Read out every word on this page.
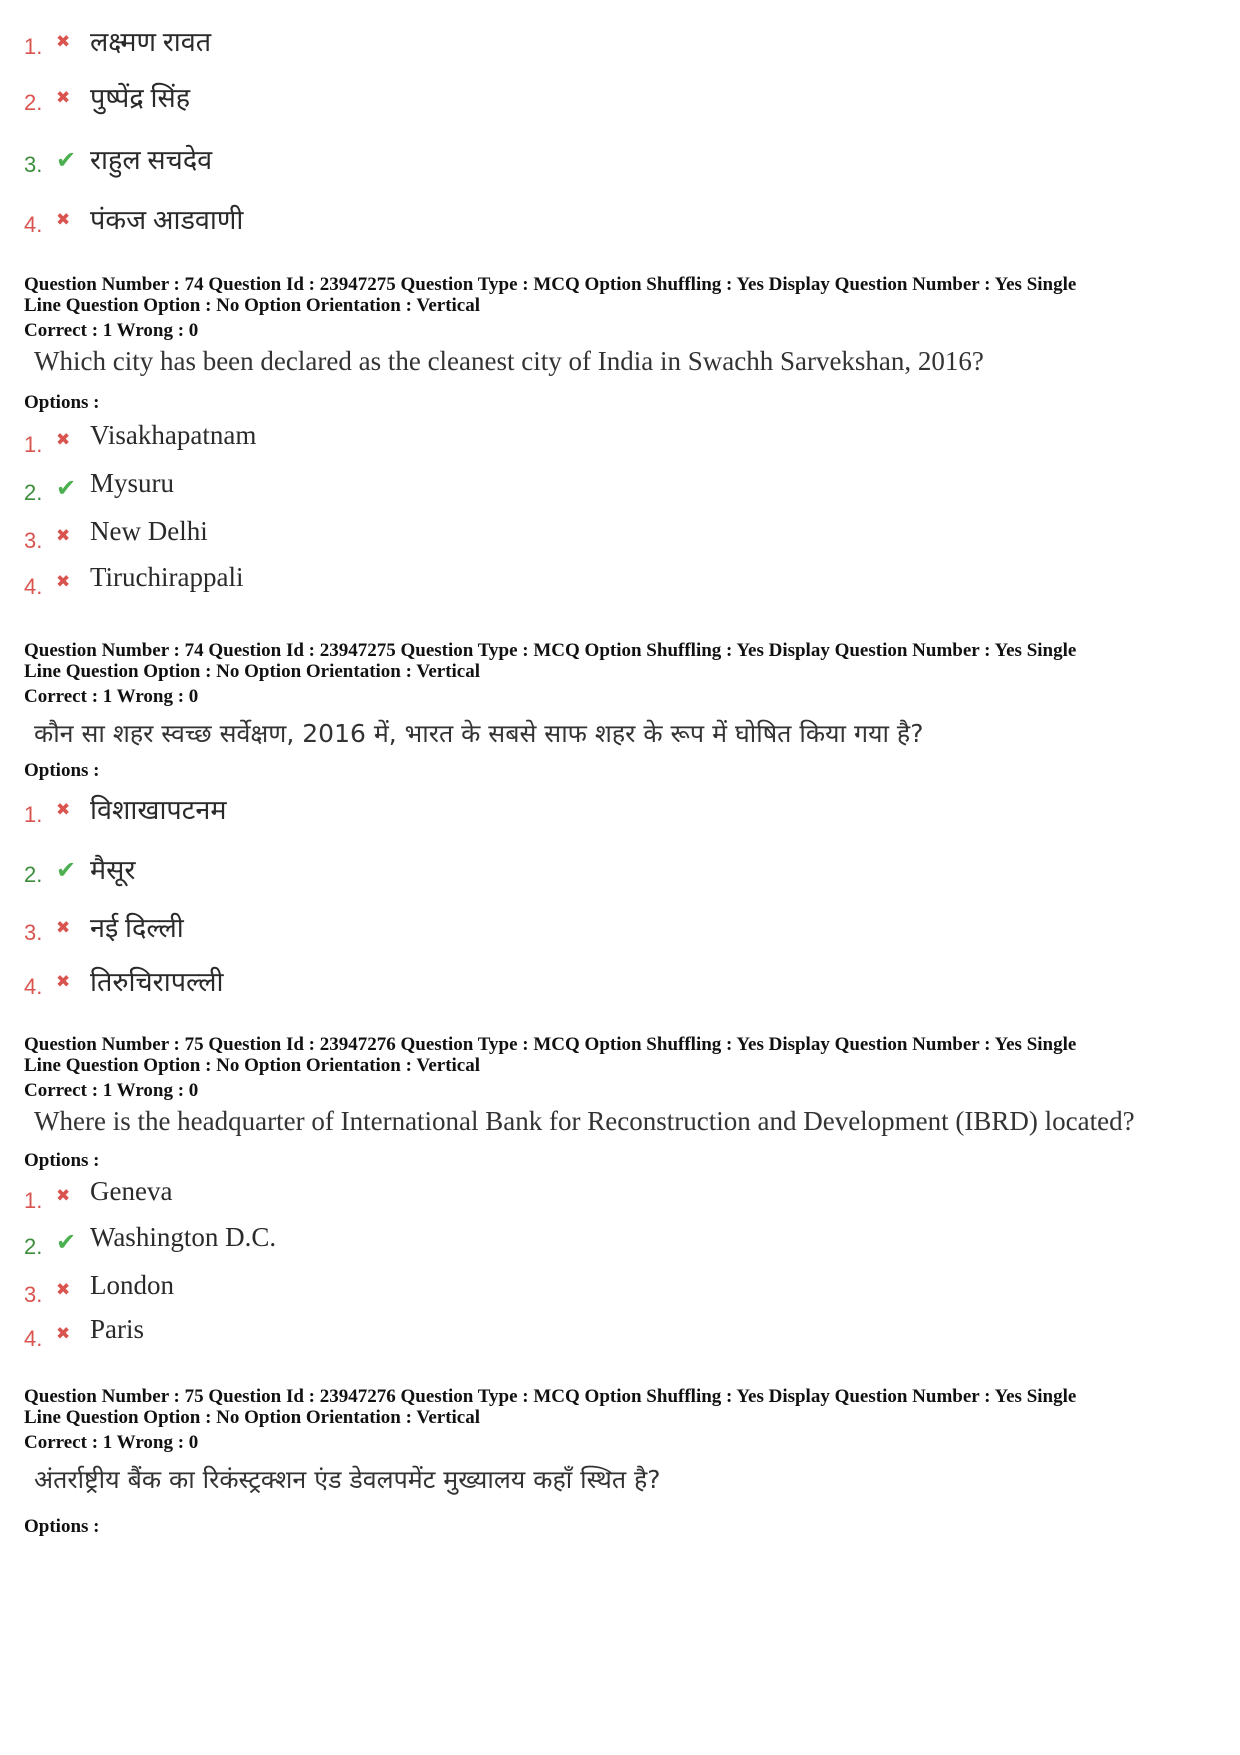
1. ✖ लक्ष्मण रावत
2. ✖ पुष्पेंद्र सिंह
3. ✔ राहुल सचदेव
4. ✖ पंकज आडवाणी
Question Number : 74 Question Id : 23947275 Question Type : MCQ Option Shuffling : Yes Display Question Number : Yes Single
Line Question Option : No Option Orientation : Vertical
Correct : 1 Wrong : 0
Which city has been declared as the cleanest city of India in Swachh Sarvekshan, 2016?
Options :
1. ✖ Visakhapatnam
2. ✔ Mysuru
3. ✖ New Delhi
4. ✖ Tiruchirappali
Question Number : 74 Question Id : 23947275 Question Type : MCQ Option Shuffling : Yes Display Question Number : Yes Single
Line Question Option : No Option Orientation : Vertical
Correct : 1 Wrong : 0
कौन सा शहर स्वच्छ सर्वेक्षण, 2016 में, भारत के सबसे साफ शहर के रूप में घोषित किया गया है?
Options :
1. ✖ विशाखापटनम
2. ✔ मैसूर
3. ✖ नई दिल्ली
4. ✖ तिरुचिरापल्ली
Question Number : 75 Question Id : 23947276 Question Type : MCQ Option Shuffling : Yes Display Question Number : Yes Single
Line Question Option : No Option Orientation : Vertical
Correct : 1 Wrong : 0
Where is the headquarter of International Bank for Reconstruction and Development (IBRD) located?
Options :
1. ✖ Geneva
2. ✔ Washington D.C.
3. ✖ London
4. ✖ Paris
Question Number : 75 Question Id : 23947276 Question Type : MCQ Option Shuffling : Yes Display Question Number : Yes Single
Line Question Option : No Option Orientation : Vertical
Correct : 1 Wrong : 0
अंतर्राष्ट्रीय बैंक का रिकंस्ट्रक्शन एंड डेवलपमेंट मुख्यालय कहाँ स्थित है?
Options :
